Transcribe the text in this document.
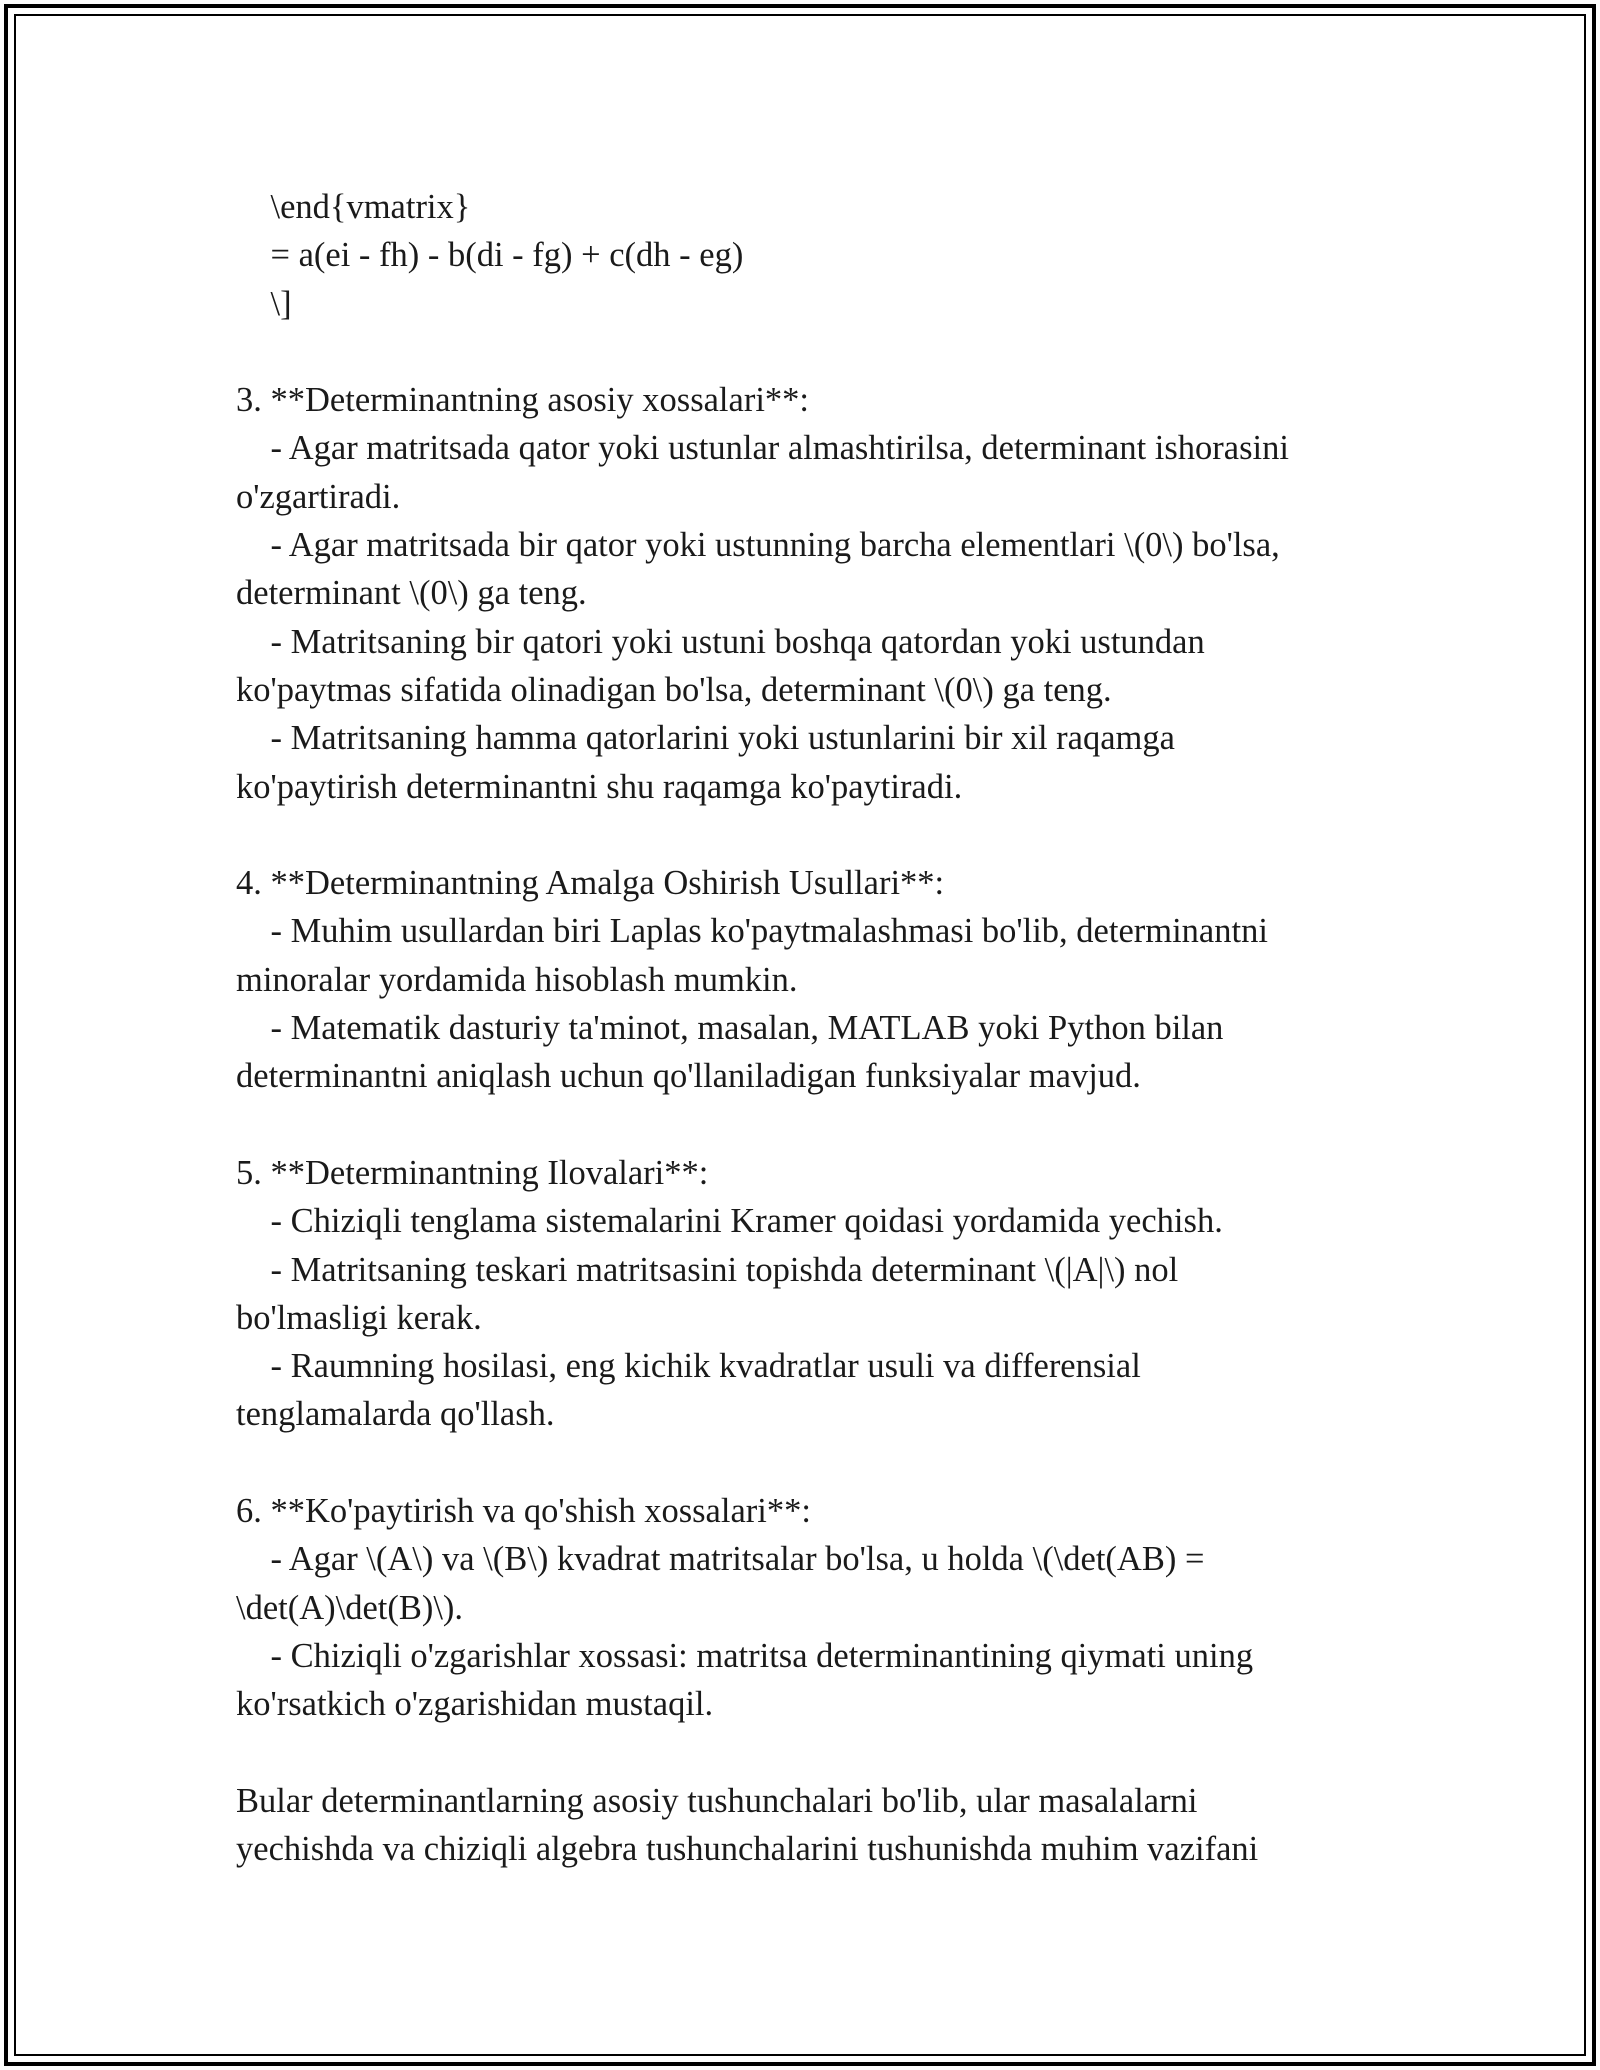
\end{vmatrix}
= a(ei - fh) - b(di - fg) + c(dh - eg)
\]
3. **Determinantning asosiy xossalari**:
- Agar matritsada qator yoki ustunlar almashtirilsa, determinant ishorasini
o'zgartiradi.
- Agar matritsada bir qator yoki ustunning barcha elementlari \(0\) bo'lsa,
determinant \(0\) ga teng.
- Matritsaning bir qatori yoki ustuni boshqa qatordan yoki ustundan
ko'paytmas sifatida olinadigan bo'lsa, determinant \(0\) ga teng.
- Matritsaning hamma qatorlarini yoki ustunlarini bir xil raqamga
ko'paytirish determinantni shu raqamga ko'paytiradi.
4. **Determinantning Amalga Oshirish Usullari**:
- Muhim usullardan biri Laplas ko'paytmalashmasi bo'lib, determinantni
minoralar yordamida hisoblash mumkin.
- Matematik dasturiy ta'minot, masalan, MATLAB yoki Python bilan
determinantni aniqlash uchun qo'llaniladigan funksiyalar mavjud.
5. **Determinantning Ilovalari**:
- Chiziqli tenglama sistemalarini Kramer qoidasi yordamida yechish.
- Matritsaning teskari matritsasini topishda determinant \(|A|\) nol
bo'lmasligi kerak.
- Raumning hosilasi, eng kichik kvadratlar usuli va differensial
tenglamalarda qo'llash.
6. **Ko'paytirish va qo'shish xossalari**:
- Agar \(A\) va \(B\) kvadrat matritsalar bo'lsa, u holda \(\det(AB) =
\det(A)\det(B)\).
- Chiziqli o'zgarishlar xossasi: matritsa determinantining qiymati uning
ko'rsatkich o'zgarishidan mustaqil.
Bular determinantlarning asosiy tushunchalari bo'lib, ular masalalarni
yechishda va chiziqli algebra tushunchalarini tushunishda muhim vazifani
